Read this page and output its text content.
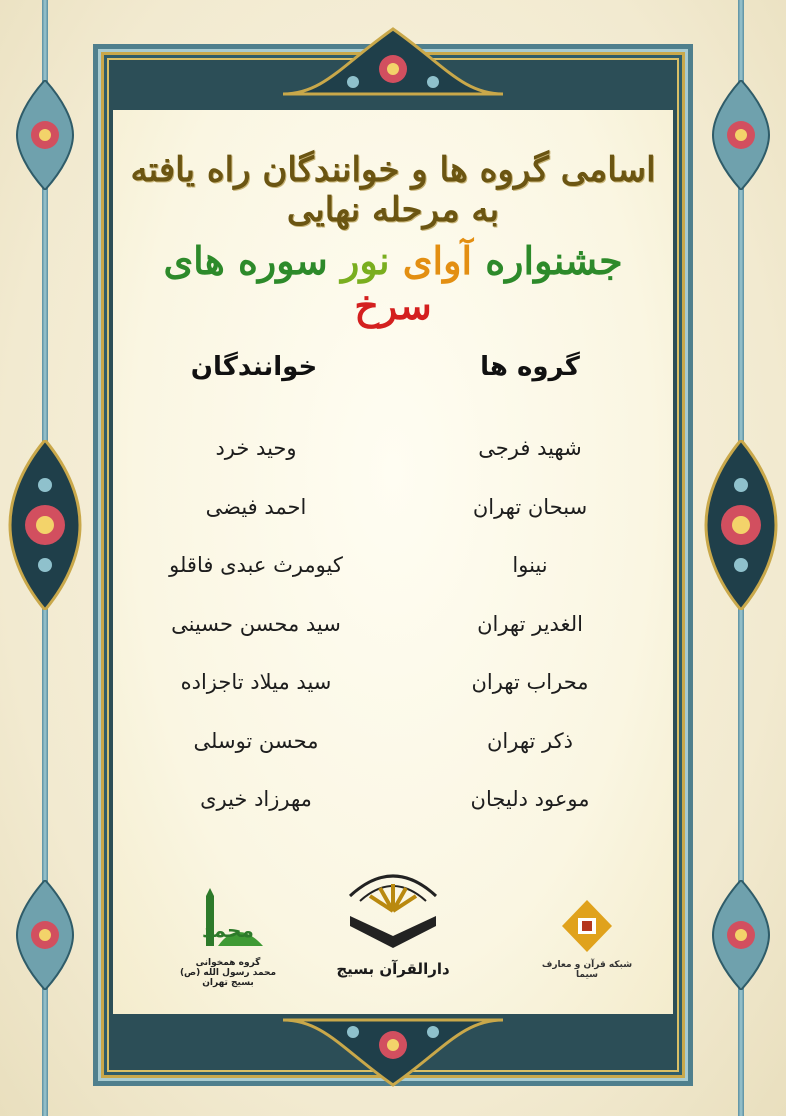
اسامی گروه ها و خوانندگان راه یافته به مرحله نهایی
جشنواره آوای نور سوره های سرخ
گروه ها
خوانندگان
شهید فرجی
سبحان تهران
نینوا
الغدیر تهران
محراب تهران
ذکر تهران
موعود دلیجان
وحید خرد
احمد فیضی
کیومرث عبدی فاقلو
سید محسن حسینی
سید میلاد تاجزاده
محسن توسلی
مهرزاد خیری
محمد
گروه همخوانی
محمد رسول الله (ص) بسیج تهران
دارالقرآن بسیج	شبکه قرآن و معارف سیما
